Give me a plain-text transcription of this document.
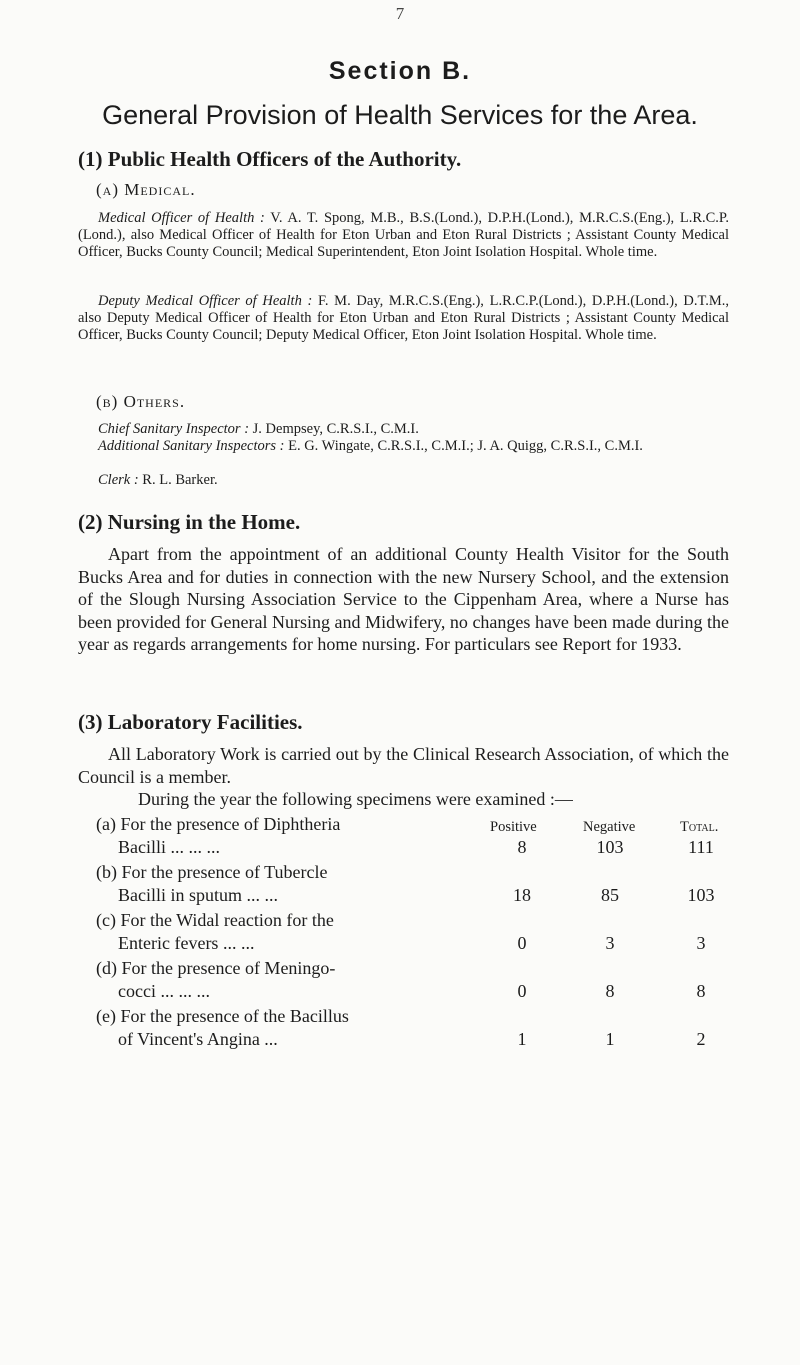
7
Section B.
General Provision of Health Services for the Area.
(1) Public Health Officers of the Authority.
(a) Medical.
Medical Officer of Health : V. A. T. Spong, M.B., B.S.(Lond.), D.P.H.(Lond.), M.R.C.S.(Eng.), L.R.C.P.(Lond.), also Medical Officer of Health for Eton Urban and Eton Rural Districts ; Assistant County Medical Officer, Bucks County Council; Medical Superintendent, Eton Joint Isolation Hospital. Whole time.
Deputy Medical Officer of Health : F. M. Day, M.R.C.S.(Eng.), L.R.C.P.(Lond.), D.P.H.(Lond.), D.T.M., also Deputy Medical Officer of Health for Eton Urban and Eton Rural Districts ; Assistant County Medical Officer, Bucks County Council; Deputy Medical Officer, Eton Joint Isolation Hospital. Whole time.
(b) Others.
Chief Sanitary Inspector : J. Dempsey, C.R.S.I., C.M.I.
Additional Sanitary Inspectors : E. G. Wingate, C.R.S.I., C.M.I.; J. A. Quigg, C.R.S.I., C.M.I.
Clerk : R. L. Barker.
(2) Nursing in the Home.
Apart from the appointment of an additional County Health Visitor for the South Bucks Area and for duties in connection with the new Nursery School, and the extension of the Slough Nursing Association Service to the Cippenham Area, where a Nurse has been provided for General Nursing and Midwifery, no changes have been made during the year as regards arrangements for home nursing. For particulars see Report for 1933.
(3) Laboratory Facilities.
All Laboratory Work is carried out by the Clinical Research Association, of which the Council is a member.
During the year the following specimens were examined :—
Positive	Negative	Total.
(a) For the presence of Diphtheria
Bacilli ... ... ...	8	103	111
(b) For the presence of Tubercle
Bacilli in sputum ... ...	18	85	103
(c) For the Widal reaction for the
Enteric fevers ... ...	0	3	3
(d) For the presence of Meningo-
cocci ... ... ...	0	8	8
(e) For the presence of the Bacillus
of Vincent's Angina ...	1	1	2
